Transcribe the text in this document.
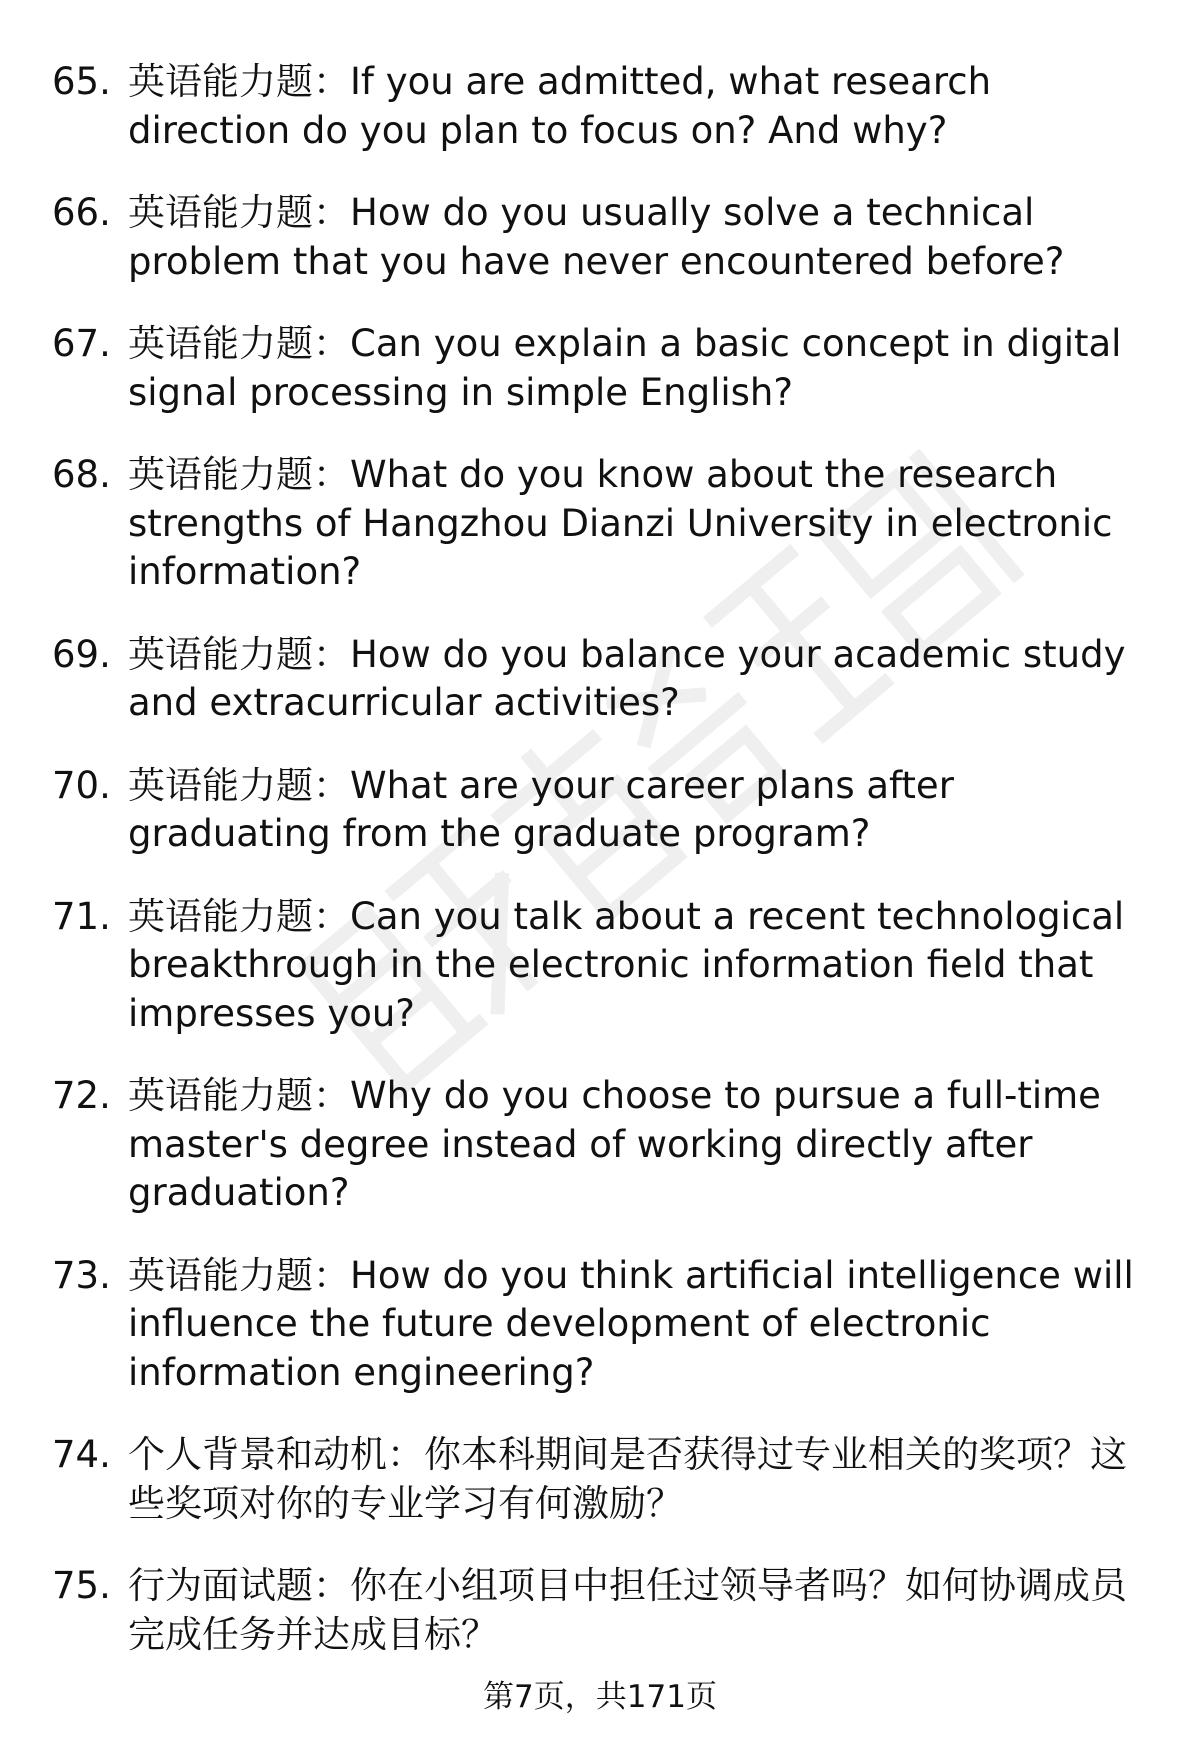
65. 英语能力题：If you are admitted, what research direction do you plan to focus on? And why?
66. 英语能力题：How do you usually solve a technical problem that you have never encountered before?
67. 英语能力题：Can you explain a basic concept in digital signal processing in simple English?
68. 英语能力题：What do you know about the research strengths of Hangzhou Dianzi University in electronic information?
69. 英语能力题：How do you balance your academic study and extracurricular activities?
70. 英语能力题：What are your career plans after graduating from the graduate program?
71. 英语能力题：Can you talk about a recent technological breakthrough in the electronic information field that impresses you?
72. 英语能力题：Why do you choose to pursue a full-time master's degree instead of working directly after graduation?
73. 英语能力题：How do you think artificial intelligence will influence the future development of electronic information engineering?
74. 个人背景和动机：你本科期间是否获得过专业相关的奖项？这些奖项对你的专业学习有何激励？
75. 行为面试题：你在小组项目中担任过领导者吗？如何协调成员完成任务并达成目标？
第7页，共171页
